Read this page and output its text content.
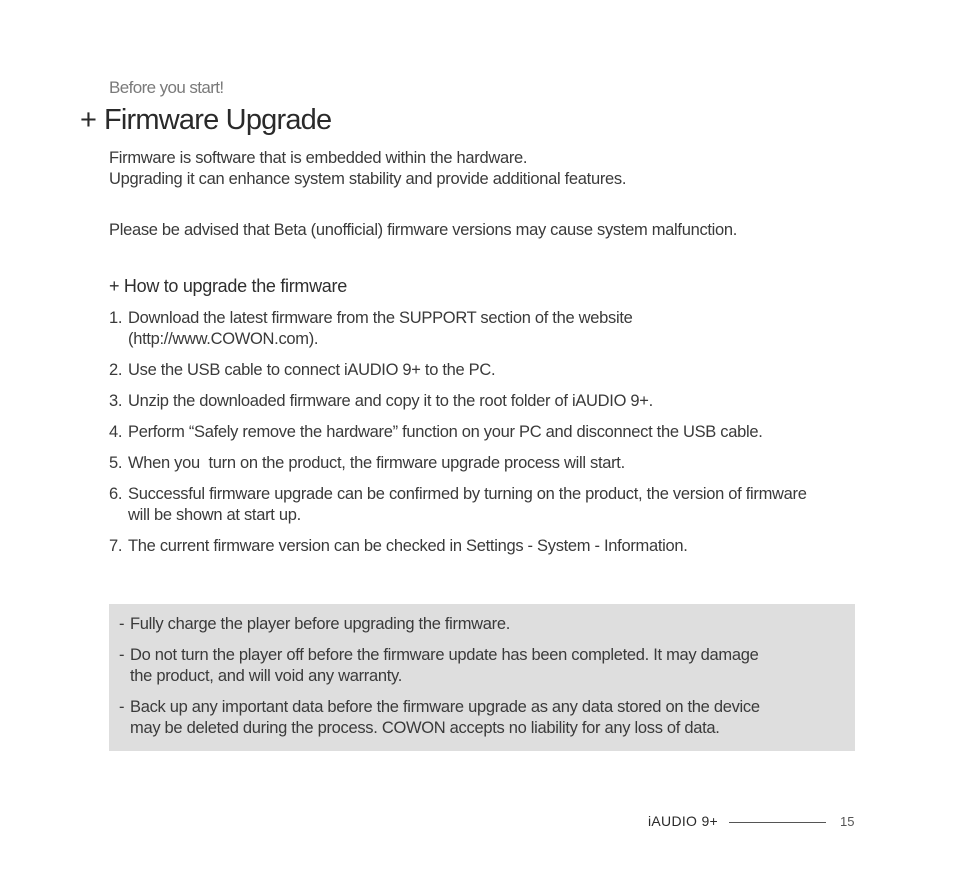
Before you start!
+ Firmware Upgrade

Firmware is software that is embedded within the hardware.

Upgrading it can enhance system stability and provide additional features.

Please be advised that Beta (unofficial) firmware versions may cause system malfunction.

+ How to upgrade the firmware
1. Download the latest firmware from the SUPPORT section of the website
(http://www.COWON.com).
2. Use the USB cable to connect iAUDIO 9+ to the PC.
3. Unzip the downloaded firmware and copy it to the root folder of iAUDIO 9+.
4. Perform “Safely remove the hardware” function on your PC and disconnect the USB cable.
5. When you  turn on the product, the firmware upgrade process will start.
6. Successful firmware upgrade can be confirmed by turning on the product, the version of firmware
will be shown at start up.
7. The current firmware version can be checked in Settings - System - Information.
- Fully charge the player before upgrading the firmware.
- Do not turn the player off before the firmware update has been completed. It may damage
the product, and will void any warranty.
- Back up any important data before the firmware upgrade as any data stored on the device
may be deleted during the process. COWON accepts no liability for any loss of data.
iAUDIO 9+	15
